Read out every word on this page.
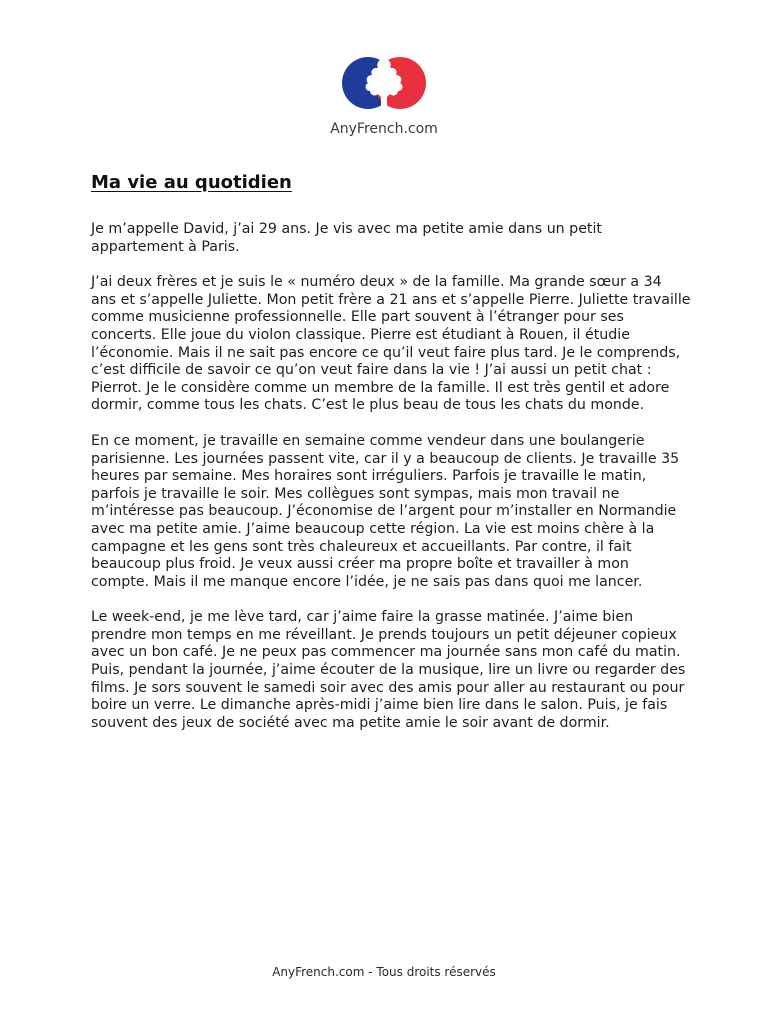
AnyFrench.com
Ma vie au quotidien

Je m’appelle David, j’ai 29 ans. Je vis avec ma petite amie dans un petit appartement à Paris.

J’ai deux frères et je suis le « numéro deux » de la famille. Ma grande sœur a 34 ans et s’appelle Juliette. Mon petit frère a 21 ans et s’appelle Pierre. Juliette travaille comme musicienne professionnelle. Elle part souvent à l’étranger pour ses concerts. Elle joue du violon classique. Pierre est étudiant à Rouen, il étudie l’économie. Mais il ne sait pas encore ce qu’il veut faire plus tard. Je le comprends, c’est difficile de savoir ce qu’on veut faire dans la vie ! J’ai aussi un petit chat : Pierrot. Je le considère comme un membre de la famille. Il est très gentil et adore dormir, comme tous les chats. C’est le plus beau de tous les chats du monde.

En ce moment, je travaille en semaine comme vendeur dans une boulangerie parisienne. Les journées passent vite, car il y a beaucoup de clients. Je travaille 35 heures par semaine. Mes horaires sont irréguliers. Parfois je travaille le matin, parfois je travaille le soir. Mes collègues sont sympas, mais mon travail ne m’intéresse pas beaucoup. J’économise de l’argent pour m’installer en Normandie avec ma petite amie. J’aime beaucoup cette région. La vie est moins chère à la campagne et les gens sont très chaleureux et accueillants. Par contre, il fait beaucoup plus froid. Je veux aussi créer ma propre boîte et travailler à mon compte. Mais il me manque encore l’idée, je ne sais pas dans quoi me lancer.

Le week-end, je me lève tard, car j’aime faire la grasse matinée. J’aime bien prendre mon temps en me réveillant. Je prends toujours un petit déjeuner copieux avec un bon café. Je ne peux pas commencer ma journée sans mon café du matin. Puis, pendant la journée, j’aime écouter de la musique, lire un livre ou regarder des films. Je sors souvent le samedi soir avec des amis pour aller au restaurant ou pour boire un verre. Le dimanche après-midi j’aime bien lire dans le salon. Puis, je fais souvent des jeux de société avec ma petite amie le soir avant de dormir.

AnyFrench.com - Tous droits réservés
